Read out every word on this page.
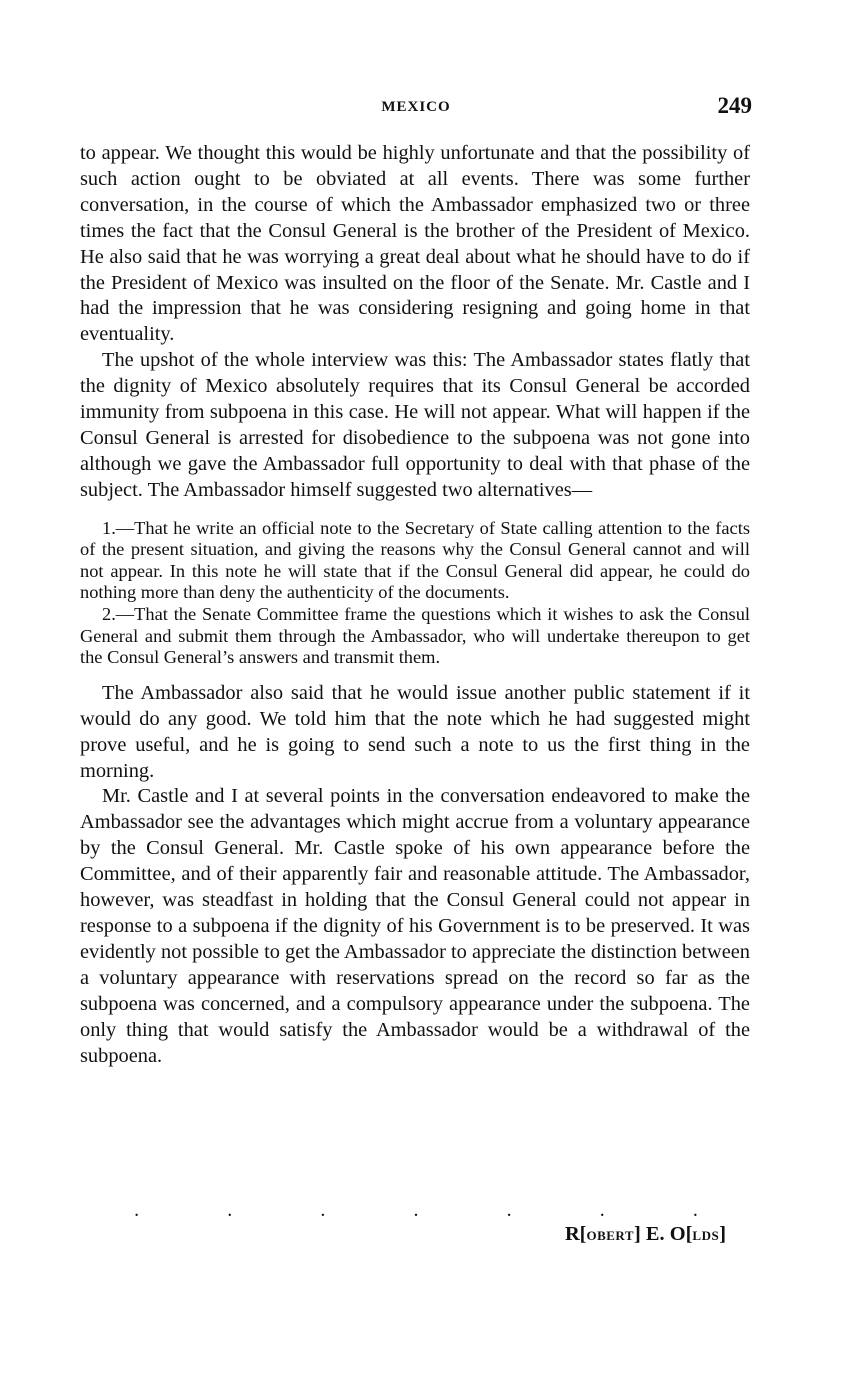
MEXICO	249

to appear. We thought this would be highly unfortunate and that the possibility of such action ought to be obviated at all events. There was some further conversation, in the course of which the Ambassador emphasized two or three times the fact that the Consul General is the brother of the President of Mexico. He also said that he was worrying a great deal about what he should have to do if the President of Mexico was insulted on the floor of the Senate. Mr. Castle and I had the impression that he was considering resigning and going home in that eventuality.

The upshot of the whole interview was this: The Ambassador states flatly that the dignity of Mexico absolutely requires that its Consul General be accorded immunity from subpoena in this case. He will not appear. What will happen if the Consul General is arrested for disobedience to the subpoena was not gone into although we gave the Ambassador full opportunity to deal with that phase of the subject. The Ambassador himself suggested two alternatives—

1.—That he write an official note to the Secretary of State calling attention to the facts of the present situation, and giving the reasons why the Consul General cannot and will not appear. In this note he will state that if the Consul General did appear, he could do nothing more than deny the authenticity of the documents.

2.—That the Senate Committee frame the questions which it wishes to ask the Consul General and submit them through the Ambassador, who will undertake thereupon to get the Consul General’s answers and transmit them.

The Ambassador also said that he would issue another public statement if it would do any good. We told him that the note which he had suggested might prove useful, and he is going to send such a note to us the first thing in the morning.

Mr. Castle and I at several points in the conversation endeavored to make the Ambassador see the advantages which might accrue from a voluntary appearance by the Consul General. Mr. Castle spoke of his own appearance before the Committee, and of their apparently fair and reasonable attitude. The Ambassador, however, was steadfast in holding that the Consul General could not appear in response to a subpoena if the dignity of his Government is to be preserved. It was evidently not possible to get the Ambassador to appreciate the distinction between a voluntary appearance with reservations spread on the record so far as the subpoena was concerned, and a compulsory appearance under the subpoena. The only thing that would satisfy the Ambassador would be a withdrawal of the subpoena.

.	.	.	.	.	.	.
R[OBERT] E. O[LDS]
